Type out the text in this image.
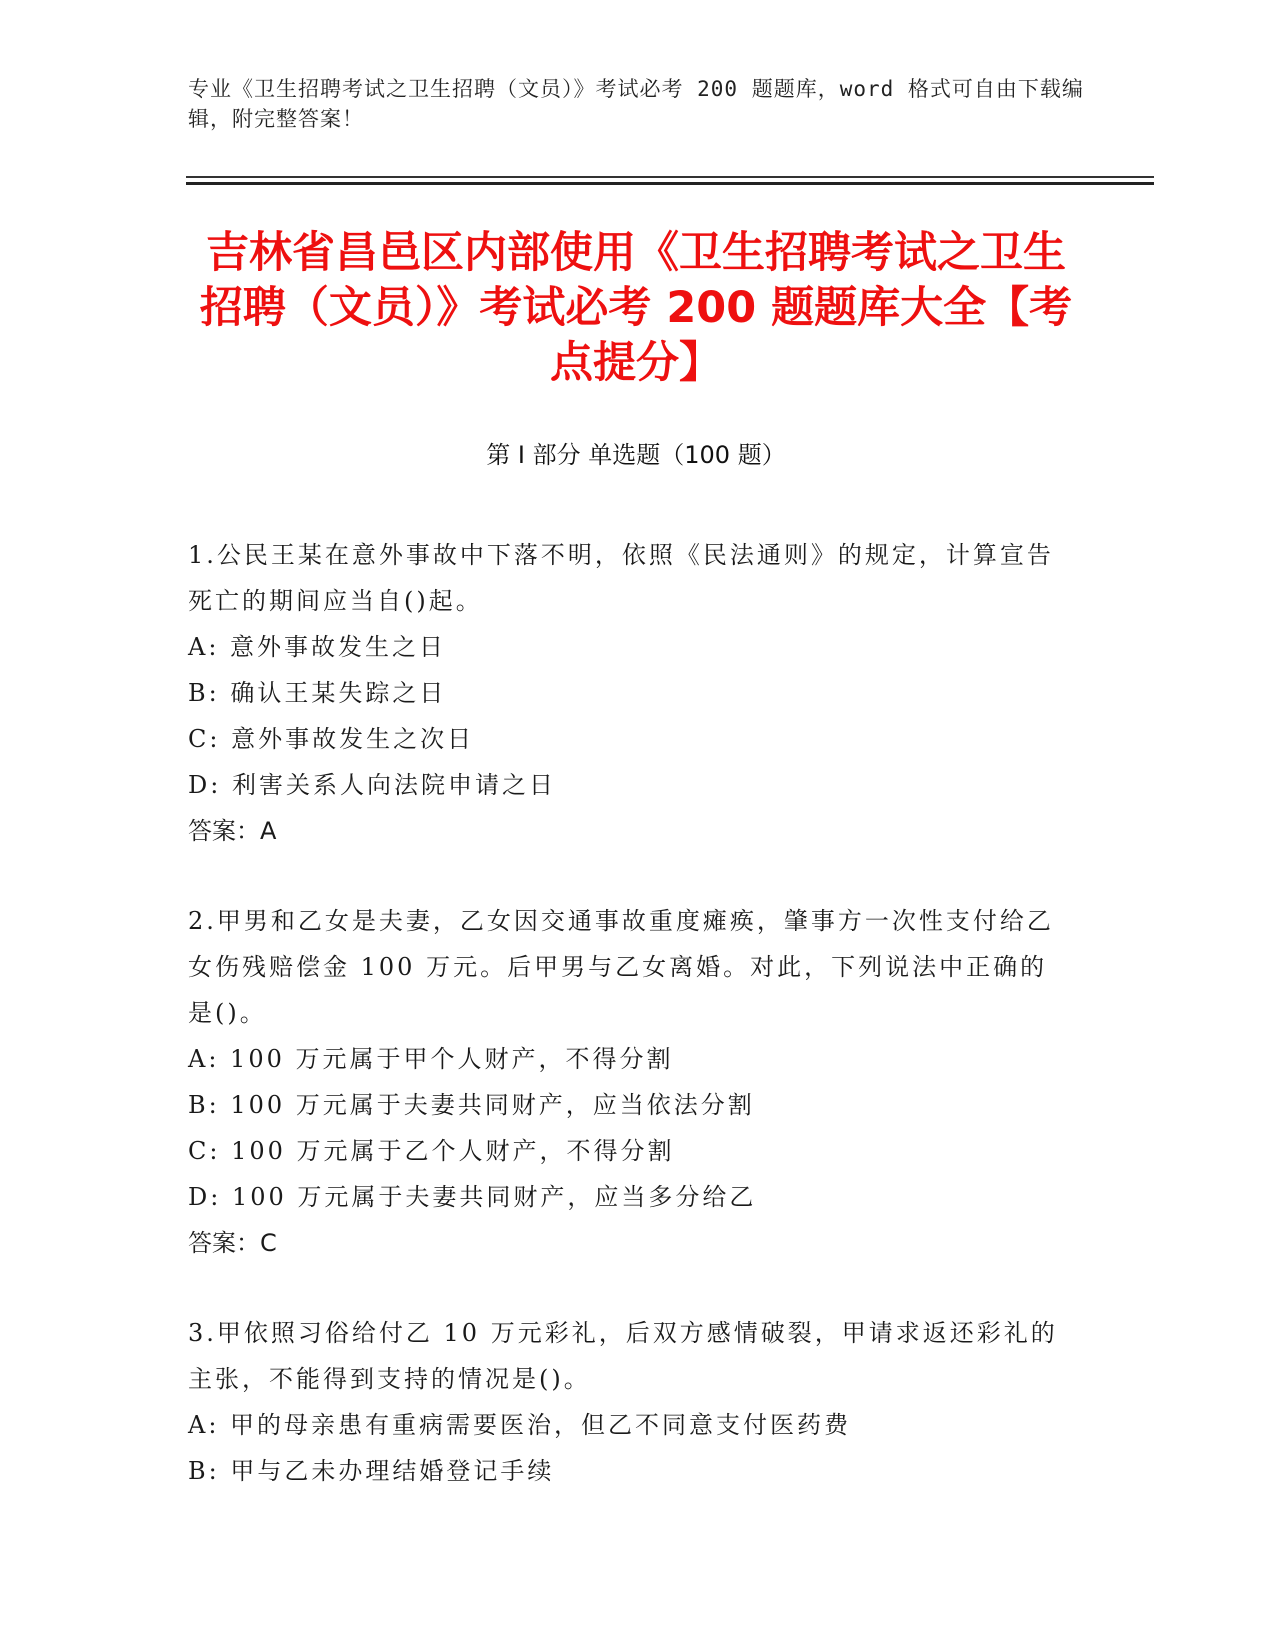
专业《卫生招聘考试之卫生招聘（文员）》考试必考 200 题题库，word 格式可自由下载编辑，附完整答案！
吉林省昌邑区内部使用《卫生招聘考试之卫生招聘（文员）》考试必考 200 题题库大全【考点提分】
第 I 部分 单选题（100 题）

1.公民王某在意外事故中下落不明，依照《民法通则》的规定，计算宣告死亡的期间应当自()起。

A: 意外事故发生之日

B: 确认王某失踪之日

C: 意外事故发生之次日

D: 利害关系人向法院申请之日

答案：A

2.甲男和乙女是夫妻，乙女因交通事故重度瘫痪，肇事方一次性支付给乙女伤残赔偿金 100 万元。后甲男与乙女离婚。对此，下列说法中正确的是()。

A: 100 万元属于甲个人财产，不得分割

B: 100 万元属于夫妻共同财产，应当依法分割

C: 100 万元属于乙个人财产，不得分割

D: 100 万元属于夫妻共同财产，应当多分给乙

答案：C

3.甲依照习俗给付乙 10 万元彩礼，后双方感情破裂，甲请求返还彩礼的主张，不能得到支持的情况是()。

A: 甲的母亲患有重病需要医治，但乙不同意支付医药费

B: 甲与乙未办理结婚登记手续
